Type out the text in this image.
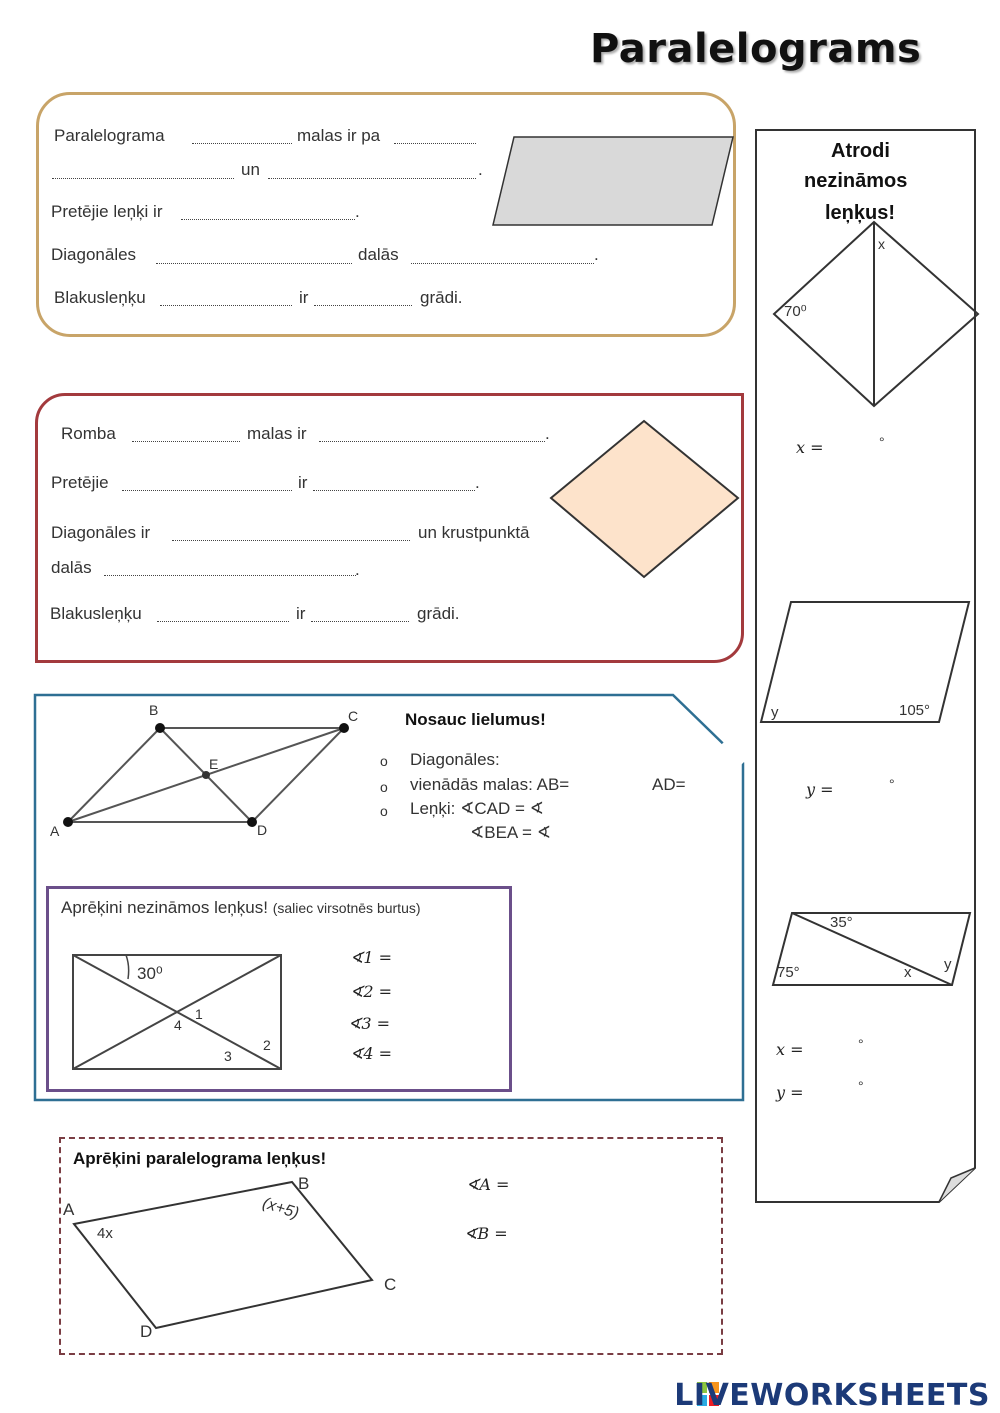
Paralelograms
Paralelograma	malas ir pa
un	.
Pretējie leņķi ir	.
Diagonāles	dalās	.
Blakusleņķu	ir	grādi.
Romba	malas ir	.
Pretējie	ir	.
Diagonāles ir	un krustpunktā
dalās	.
Blakusleņķu	ir	grādi.
A
B	C
D
E
Nosauc lielumus!
o Diagonāles:
o vienādās malas: AB=	AD=
o Leņķi: ∢CAD = ∢
∢BEA = ∢
Aprēķini nezināmos leņķus! (saliec virsotnēs burtus)
30⁰
1
4
2
3
∢1 =
∢2 =
∢3 =
∢4 =
Aprēķini paralelograma leņķus!
A
B
C
D
4x
(x+5)
∢A =
∢B =
Atrodi
nezināmos
leņķus!
x
70⁰
x =	°
y	105°
y =	°
35°
75°	x y
x =	°
y =	°
LIVEWORKSHEETS
